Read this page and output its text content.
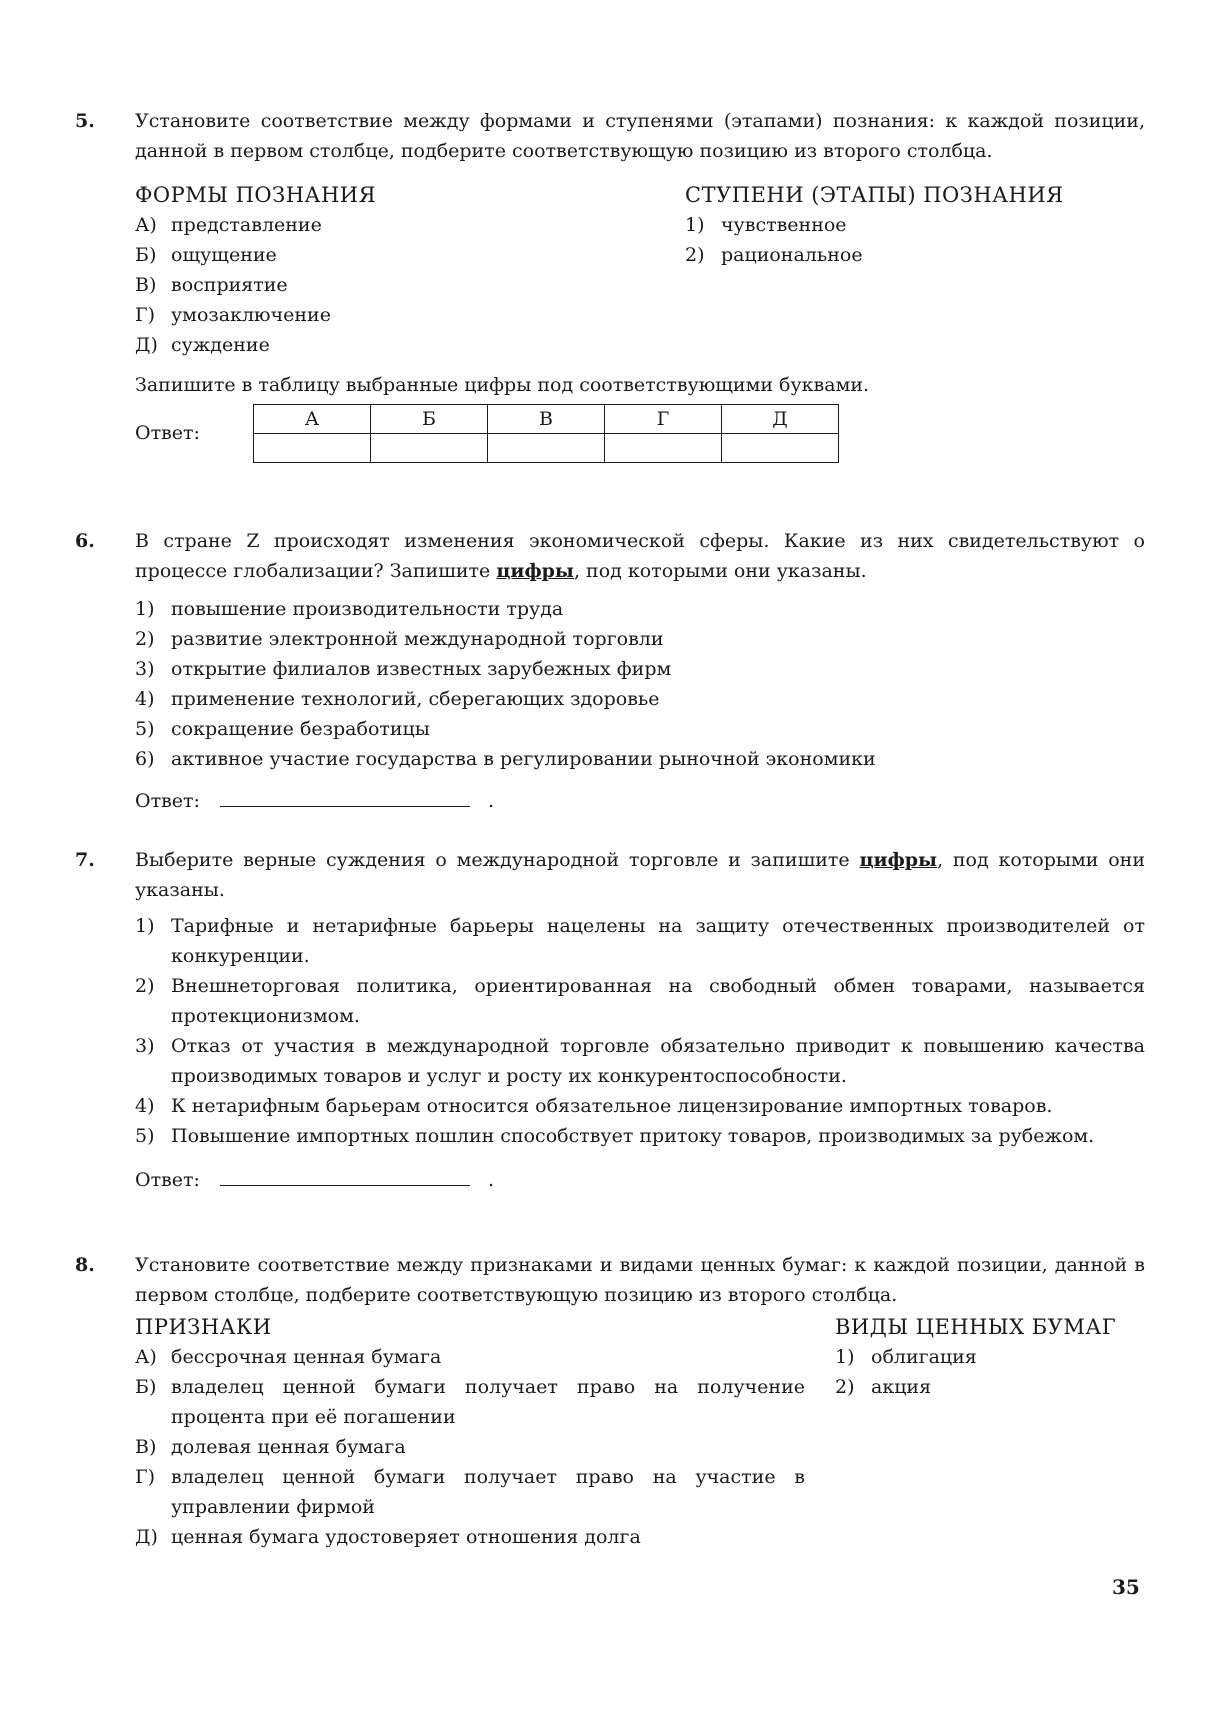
5. Установите соответствие между формами и ступенями (этапами) познания: к каждой позиции, данной в первом столбце, подберите соответствующую позицию из второго столбца.

ФОРМЫ ПОЗНАНИЯ

А) представление
Б) ощущение
В) восприятие
Г) умозаключение
Д) суждение

СТУПЕНИ (ЭТАПЫ) ПОЗНАНИЯ

1) чувственное
2) рациональное

Запишите в таблицу выбранные цифры под соответствующими буквами.

Ответ:
А	Б	В	Г	Д

6. В стране Z происходят изменения экономической сферы. Какие из них свидетельствуют о процессе глобализации? Запишите цифры, под которыми они указаны.

1) повышение производительности труда
2) развитие электронной международной торговли
3) открытие филиалов известных зарубежных фирм
4) применение технологий, сберегающих здоровье
5) сокращение безработицы
6) активное участие государства в регулировании рыночной экономики
Ответ:	.
7. Выберите верные суждения о международной торговле и запишите цифры, под которыми они указаны.

1) Тарифные и нетарифные барьеры нацелены на защиту отечественных производителей от конкуренции.
2) Внешнеторговая политика, ориентированная на свободный обмен товарами, называется протекционизмом.
3) Отказ от участия в международной торговле обязательно приводит к повышению качества производимых товаров и услуг и росту их конкурентоспособности.
4) К нетарифным барьерам относится обязательное лицензирование импортных товаров.
5) Повышение импортных пошлин способствует притоку товаров, производимых за рубежом.
Ответ:	.
8. Установите соответствие между признаками и видами ценных бумаг: к каждой позиции, данной в первом столбце, подберите соответствующую позицию из второго столбца.

ПРИЗНАКИ

А) бессрочная ценная бумага
Б) владелец ценной бумаги получает право на получение процента при её погашении
В) долевая ценная бумага
Г) владелец ценной бумаги получает право на участие в управлении фирмой
Д) ценная бумага удостоверяет отношения долга

ВИДЫ ЦЕННЫХ БУМАГ

1) облигация
2) акция
35
